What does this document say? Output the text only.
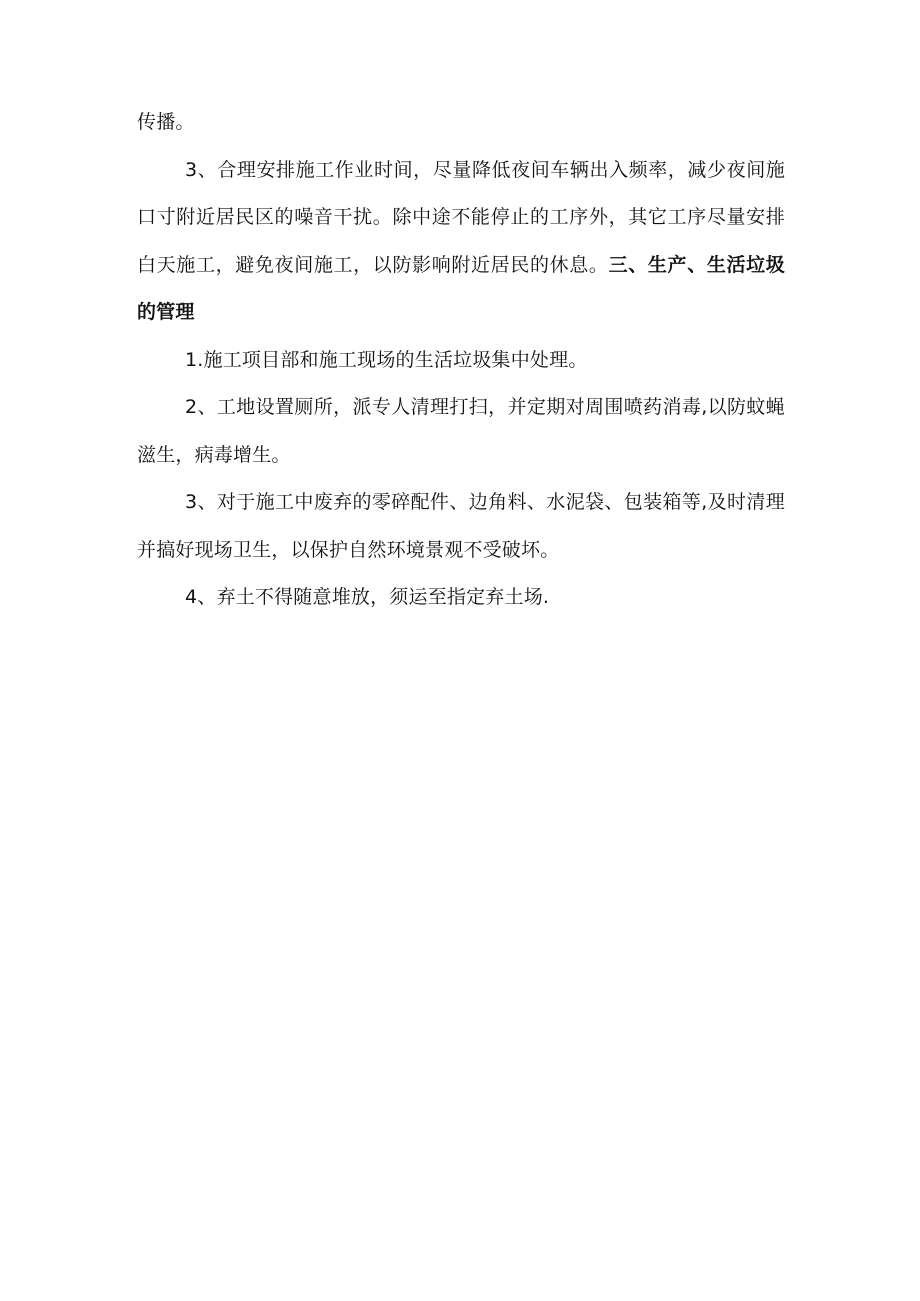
传播。

3、合理安排施工作业时间，尽量降低夜间车辆出入频率，减少夜间施口寸附近居民区的噪音干扰。除中途不能停止的工序外，其它工序尽量安排白天施工，避免夜间施工，以防影响附近居民的休息。三、生产、生活垃圾的管理

1.施工项目部和施工现场的生活垃圾集中处理。

2、工地设置厕所，派专人清理打扫，并定期对周围喷药消毒,以防蚊蝇滋生，病毒增生。

3、对于施工中废弃的零碎配件、边角料、水泥袋、包装箱等,及时清理并搞好现场卫生，以保护自然环境景观不受破坏。

4、弃土不得随意堆放，须运至指定弃土场.
